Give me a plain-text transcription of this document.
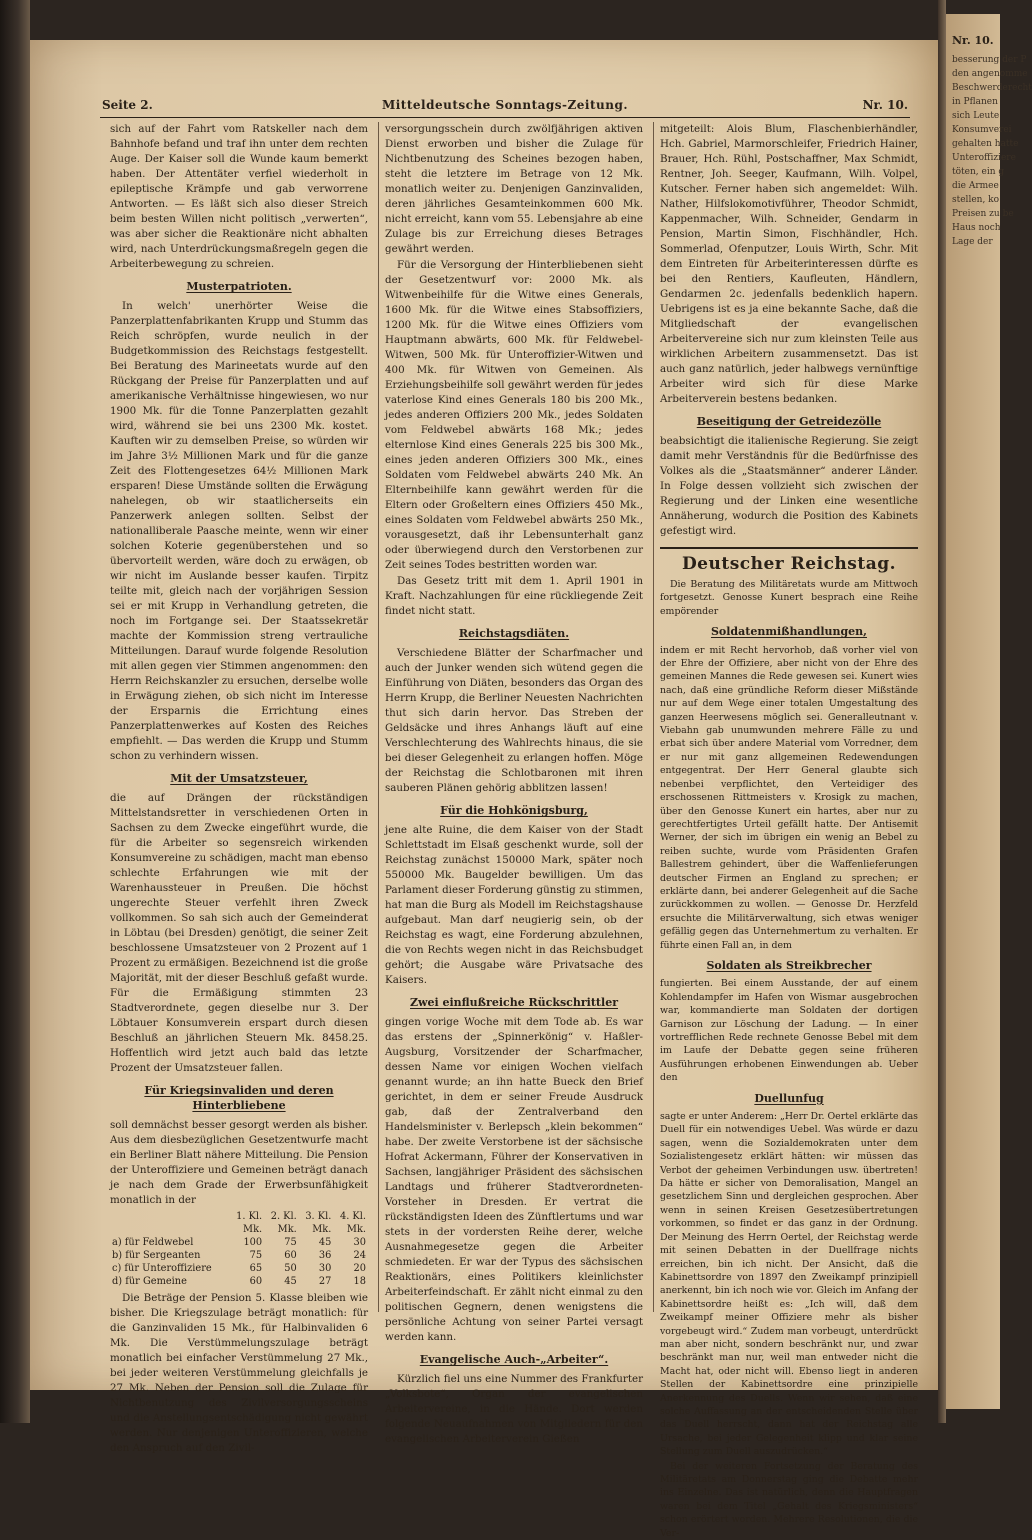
Seite 2.	Mitteldeutsche Sonntags-Zeitung.	Nr. 10.

sich auf der Fahrt vom Ratskeller nach dem Bahnhofe befand und traf ihn unter dem rechten Auge. Der Kaiser soll die Wunde kaum bemerkt haben. Der Attentäter verfiel wiederholt in epileptische Krämpfe und gab verworrene Antworten. — Es läßt sich also dieser Streich beim besten Willen nicht politisch „verwerten“, was aber sicher die Reaktionäre nicht abhalten wird, nach Unterdrückungsmaßregeln gegen die Arbeiterbewegung zu schreien.

Musterpatrioten.

In welch' unerhörter Weise die Panzerplattenfabrikanten Krupp und Stumm das Reich schröpfen, wurde neulich in der Budgetkommission des Reichstags festgestellt. Bei Beratung des Marineetats wurde auf den Rückgang der Preise für Panzerplatten und auf amerikanische Verhältnisse hingewiesen, wo nur 1900 Mk. für die Tonne Panzerplatten gezahlt wird, während sie bei uns 2300 Mk. kostet. Kauften wir zu demselben Preise, so würden wir im Jahre 3½ Millionen Mark und für die ganze Zeit des Flottengesetzes 64½ Millionen Mark ersparen! Diese Umstände sollten die Erwägung nahelegen, ob wir staatlicherseits ein Panzerwerk anlegen sollten. Selbst der nationalliberale Paasche meinte, wenn wir einer solchen Koterie gegenüberstehen und so übervorteilt werden, wäre doch zu erwägen, ob wir nicht im Auslande besser kaufen. Tirpitz teilte mit, gleich nach der vorjährigen Session sei er mit Krupp in Verhandlung getreten, die noch im Fortgange sei. Der Staatssekretär machte der Kommission streng vertrauliche Mitteilungen. Darauf wurde folgende Resolution mit allen gegen vier Stimmen angenommen: den Herrn Reichskanzler zu ersuchen, derselbe wolle in Erwägung ziehen, ob sich nicht im Interesse der Ersparnis die Errichtung eines Panzerplattenwerkes auf Kosten des Reiches empfiehlt. — Das werden die Krupp und Stumm schon zu verhindern wissen.

Mit der Umsatzsteuer,

die auf Drängen der rückständigen Mittelstandsretter in verschiedenen Orten in Sachsen zu dem Zwecke eingeführt wurde, die für die Arbeiter so segensreich wirkenden Konsumvereine zu schädigen, macht man ebenso schlechte Erfahrungen wie mit der Warenhaussteuer in Preußen. Die höchst ungerechte Steuer verfehlt ihren Zweck vollkommen. So sah sich auch der Gemeinderat in Löbtau (bei Dresden) genötigt, die seiner Zeit beschlossene Umsatzsteuer von 2 Prozent auf 1 Prozent zu ermäßigen. Bezeichnend ist die große Majorität, mit der dieser Beschluß gefaßt wurde. Für die Ermäßigung stimmten 23 Stadtverordnete, gegen dieselbe nur 3. Der Löbtauer Konsumverein erspart durch diesen Beschluß an jährlichen Steuern Mk. 8458.25. Hoffentlich wird jetzt auch bald das letzte Prozent der Umsatzsteuer fallen.

Für Kriegsinvaliden und deren Hinterbliebene

soll demnächst besser gesorgt werden als bisher. Aus dem diesbezüglichen Gesetzentwurfe macht ein Berliner Blatt nähere Mitteilung. Die Pension der Unteroffiziere und Gemeinen beträgt danach je nach dem Grade der Erwerbsunfähigkeit monatlich in der

	1. Kl.	2. Kl.	3. Kl.	4. Kl.
	Mk.	Mk.	Mk.	Mk.
a) für Feldwebel	100	75	45	30
b) für Sergeanten	75	60	36	24
c) für Unteroffiziere	65	50	30	20
d) für Gemeine	60	45	27	18

Die Beträge der Pension 5. Klasse bleiben wie bisher. Die Kriegszulage beträgt monatlich: für die Ganzinvaliden 15 Mk., für Halbinvaliden 6 Mk. Die Verstümmelungszulage beträgt monatlich bei einfacher Verstümmelung 27 Mk., bei jeder weiteren Verstümmelung gleichfalls je 27 Mk. Neben der Pension soll die Zulage für Nichtbenutzung des Zivilversorgungsscheins und die Anstellungsentschädigung nicht gewährt werden. Nur denjenigen Unteroffizieren, welche den Anspruch auf den Zivil-

versorgungsschein durch zwölfjährigen aktiven Dienst erworben und bisher die Zulage für Nichtbenutzung des Scheines bezogen haben, steht die letztere im Betrage von 12 Mk. monatlich weiter zu. Denjenigen Ganzinvaliden, deren jährliches Gesamteinkommen 600 Mk. nicht erreicht, kann vom 55. Lebensjahre ab eine Zulage bis zur Erreichung dieses Betrages gewährt werden.

Für die Versorgung der Hinterbliebenen sieht der Gesetzentwurf vor: 2000 Mk. als Witwenbeihilfe für die Witwe eines Generals, 1600 Mk. für die Witwe eines Stabsoffiziers, 1200 Mk. für die Witwe eines Offiziers vom Hauptmann abwärts, 600 Mk. für Feldwebel-Witwen, 500 Mk. für Unteroffizier-Witwen und 400 Mk. für Witwen von Gemeinen. Als Erziehungsbeihilfe soll gewährt werden für jedes vaterlose Kind eines Generals 180 bis 200 Mk., jedes anderen Offiziers 200 Mk., jedes Soldaten vom Feldwebel abwärts 168 Mk.; jedes elternlose Kind eines Generals 225 bis 300 Mk., eines jeden anderen Offiziers 300 Mk., eines Soldaten vom Feldwebel abwärts 240 Mk. An Elternbeihilfe kann gewährt werden für die Eltern oder Großeltern eines Offiziers 450 Mk., eines Soldaten vom Feldwebel abwärts 250 Mk., vorausgesetzt, daß ihr Lebensunterhalt ganz oder überwiegend durch den Verstorbenen zur Zeit seines Todes bestritten worden war.

Das Gesetz tritt mit dem 1. April 1901 in Kraft. Nachzahlungen für eine rückliegende Zeit findet nicht statt.

Reichstagsdiäten.

Verschiedene Blätter der Scharfmacher und auch der Junker wenden sich wütend gegen die Einführung von Diäten, besonders das Organ des Herrn Krupp, die Berliner Neuesten Nachrichten thut sich darin hervor. Das Streben der Geldsäcke und ihres Anhangs läuft auf eine Verschlechterung des Wahlrechts hinaus, die sie bei dieser Gelegenheit zu erlangen hoffen. Möge der Reichstag die Schlotbaronen mit ihren sauberen Plänen gehörig abblitzen lassen!

Für die Hohkönigsburg,

jene alte Ruine, die dem Kaiser von der Stadt Schlettstadt im Elsaß geschenkt wurde, soll der Reichstag zunächst 150000 Mark, später noch 550000 Mk. Baugelder bewilligen. Um das Parlament dieser Forderung günstig zu stimmen, hat man die Burg als Modell im Reichstagshause aufgebaut. Man darf neugierig sein, ob der Reichstag es wagt, eine Forderung abzulehnen, die von Rechts wegen nicht in das Reichsbudget gehört; die Ausgabe wäre Privatsache des Kaisers.

Zwei einflußreiche Rückschrittler

gingen vorige Woche mit dem Tode ab. Es war das erstens der „Spinnerkönig“ v. Haßler-Augsburg, Vorsitzender der Scharfmacher, dessen Name vor einigen Wochen vielfach genannt wurde; an ihn hatte Bueck den Brief gerichtet, in dem er seiner Freude Ausdruck gab, daß der Zentralverband den Handelsminister v. Berlepsch „klein bekommen“ habe. Der zweite Verstorbene ist der sächsische Hofrat Ackermann, Führer der Konservativen in Sachsen, langjähriger Präsident des sächsischen Landtags und früherer Stadtverordneten-Vorsteher in Dresden. Er vertrat die rückständigsten Ideen des Zünftlertums und war stets in der vordersten Reihe derer, welche Ausnahmegesetze gegen die Arbeiter schmiedeten. Er war der Typus des sächsischen Reaktionärs, eines Politikers kleinlichster Arbeiterfeindschaft. Er zählt nicht einmal zu den politischen Gegnern, denen wenigstens die persönliche Achtung von seiner Partei versagt werden kann.

Evangelische Auch-„Arbeiter“.

Kürzlich fiel uns eine Nummer des Frankfurter „Volksbote“, Organ der evangelischen Arbeitervereine, in die Hände. Dort werden folgende Neuaufnahmen von Mitgliedern für den evangelischen Arbeiterverein Gießen

mitgeteilt: Alois Blum, Flaschenbierhändler, Hch. Gabriel, Marmorschleifer, Friedrich Hainer, Brauer, Hch. Rühl, Postschaffner, Max Schmidt, Rentner, Joh. Seeger, Kaufmann, Wilh. Volpel, Kutscher. Ferner haben sich angemeldet: Wilh. Nather, Hilfslokomotivführer, Theodor Schmidt, Kappenmacher, Wilh. Schneider, Gendarm in Pension, Martin Simon, Fischhändler, Hch. Sommerlad, Ofenputzer, Louis Wirth, Schr. Mit dem Eintreten für Arbeiterinteressen dürfte es bei den Rentiers, Kaufleuten, Händlern, Gendarmen 2c. jedenfalls bedenklich hapern. Uebrigens ist es ja eine bekannte Sache, daß die Mitgliedschaft der evangelischen Arbeitervereine sich nur zum kleinsten Teile aus wirklichen Arbeitern zusammensetzt. Das ist auch ganz natürlich, jeder halbwegs vernünftige Arbeiter wird sich für diese Marke Arbeiterverein bestens bedanken.

Beseitigung der Getreidezölle

beabsichtigt die italienische Regierung. Sie zeigt damit mehr Verständnis für die Bedürfnisse des Volkes als die „Staatsmänner“ anderer Länder. In Folge dessen vollzieht sich zwischen der Regierung und der Linken eine wesentliche Annäherung, wodurch die Position des Kabinets gefestigt wird.

Deutscher Reichstag.

Die Beratung des Militäretats wurde am Mittwoch fortgesetzt. Genosse Kunert besprach eine Reihe empörender

Soldatenmißhandlungen,

indem er mit Recht hervorhob, daß vorher viel von der Ehre der Offiziere, aber nicht von der Ehre des gemeinen Mannes die Rede gewesen sei. Kunert wies nach, daß eine gründliche Reform dieser Mißstände nur auf dem Wege einer totalen Umgestaltung des ganzen Heerwesens möglich sei. Generalleutnant v. Viebahn gab unumwunden mehrere Fälle zu und erbat sich über andere Material vom Vorredner, dem er nur mit ganz allgemeinen Redewendungen entgegentrat. Der Herr General glaubte sich nebenbei verpflichtet, den Verteidiger des erschossenen Rittmeisters v. Krosigk zu machen, über den Genosse Kunert ein hartes, aber nur zu gerechtfertigtes Urteil gefällt hatte. Der Antisemit Werner, der sich im übrigen ein wenig an Bebel zu reiben suchte, wurde vom Präsidenten Grafen Ballestrem gehindert, über die Waffenlieferungen deutscher Firmen an England zu sprechen; er erklärte dann, bei anderer Gelegenheit auf die Sache zurückkommen zu wollen. — Genosse Dr. Herzfeld ersuchte die Militärverwaltung, sich etwas weniger gefällig gegen das Unternehmertum zu verhalten. Er führte einen Fall an, in dem

Soldaten als Streikbrecher

fungierten. Bei einem Ausstande, der auf einem Kohlendampfer im Hafen von Wismar ausgebrochen war, kommandierte man Soldaten der dortigen Garnison zur Löschung der Ladung. — In einer vortrefflichen Rede rechnete Genosse Bebel mit dem im Laufe der Debatte gegen seine früheren Ausführungen erhobenen Einwendungen ab. Ueber den

Duellunfug

sagte er unter Anderem: „Herr Dr. Oertel erklärte das Duell für ein notwendiges Uebel. Was würde er dazu sagen, wenn die Sozialdemokraten unter dem Sozialistengesetz erklärt hätten: wir müssen das Verbot der geheimen Verbindungen usw. übertreten! Da hätte er sicher von Demoralisation, Mangel an gesetzlichem Sinn und dergleichen gesprochen. Aber wenn in seinen Kreisen Gesetzesübertretungen vorkommen, so findet er das ganz in der Ordnung. Der Meinung des Herrn Oertel, der Reichstag werde mit seinen Debatten in der Duellfrage nichts erreichen, bin ich nicht. Der Ansicht, daß die Kabinettsordre von 1897 den Zweikampf prinzipiell anerkennt, bin ich noch wie vor. Gleich im Anfang der Kabinettsordre heißt es: „Ich will, daß dem Zweikampf meiner Offiziere mehr als bisher vorgebeugt wird.“ Zudem man vorbeugt, unterdrückt man aber nicht, sondern beschränkt nur, und zwar beschränkt man nur, weil man entweder nicht die Macht hat, oder nicht will. Ebenso liegt in anderen Stellen der Kabinettsordre eine prinzipielle Anerkennung des Duells. Wenn wir sehen, daß eine solche Auffassung an der entscheidenden Stelle über das Duell herrscht, dann hat der Reichstag alle Ursache, bei jeder Gelegenheit klipp und klar seine Stellung zum Duell auszudrücken.“

Bei der weiteren Fortsetzung der Beratung des Militäretats am Donnerstag ging die Debatte mehr ins Einzelne. Das ist natürlich, denn die Hauptfragen waren bei dem Titel „Gehalt des Kriegsministers“ schon erörtert worden. Mehrere Resolutionen, die die Ver-

Nr. 10.
besserung der P
den angenomme
Beschwerderecht
in Pflanen
sich Leute
Konsumverei
gehalten hatte
Unteroffiziere
töten, ein g
die Armee
stellen, ko
Preisen zu be
Haus noch
Lage der
